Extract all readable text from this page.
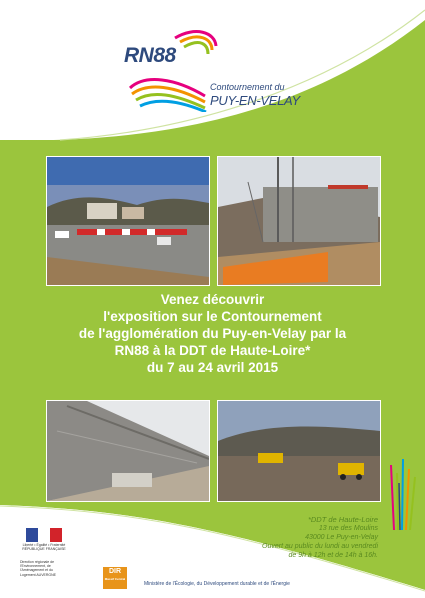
RN88
Contournement du
PUY-EN-VELAY
Venez découvrir
l'exposition sur le Contournement
de l'agglomération du Puy-en-Velay par la
RN88 à la DDT de Haute-Loire*
du 7 au 24 avril 2015
*DDT de Haute-Loire
13 rue des Moulins
43000 Le Puy-en-Velay
Ouvert au public du lundi au vendredi
de 9h à 12h et de 14h à 16h.
Liberté • Égalité • Fraternité RÉPUBLIQUE FRANÇAISE
Direction régionale de l'Environnement, de l'Aménagement et du Logement AUVERGNE	DIR
Massif Central
Ministère de l'Écologie, du Développement durable et de l'Énergie
